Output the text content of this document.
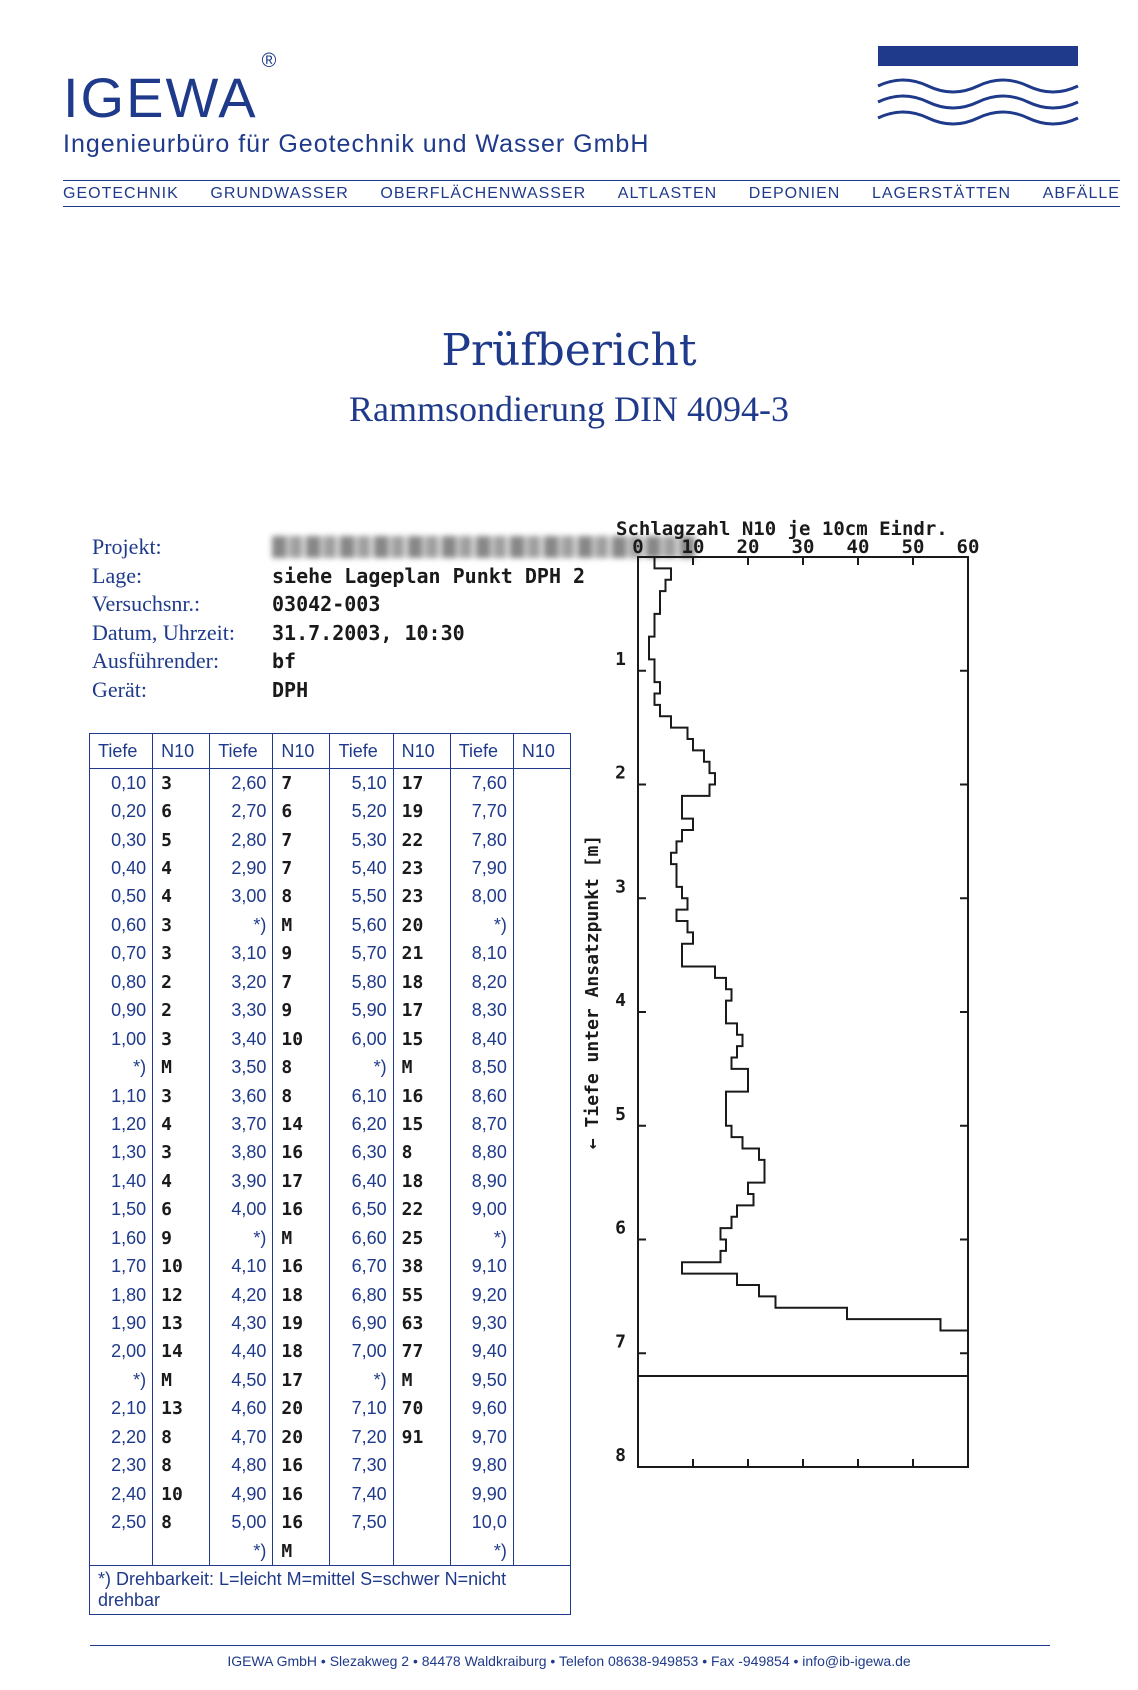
IGEWA®
Ingenieurbüro für Geotechnik und Wasser GmbH
GEOTECHNIK GRUNDWASSER OBERFLÄCHENWASSER ALTLASTEN DEPONIEN LAGERSTÄTTEN ABFÄLLE
Prüfbericht
Rammsondierung DIN 4094-3
Projekt:
Lage:	siehe Lageplan Punkt DPH 2
Versuchsnr.:	03042-003
Datum, Uhrzeit:	31.7.2003, 10:30
Ausführender:	bf
Gerät:	DPH
Tiefe	N10	Tiefe	N10	Tiefe	N10	Tiefe	N10
0,10	3	2,60	7	5,10	17	7,60	
0,20	6	2,70	6	5,20	19	7,70	
0,30	5	2,80	7	5,30	22	7,80	
0,40	4	2,90	7	5,40	23	7,90	
0,50	4	3,00	8	5,50	23	8,00	
0,60	3	*)	M	5,60	20	*)	
0,70	3	3,10	9	5,70	21	8,10	
0,80	2	3,20	7	5,80	18	8,20	
0,90	2	3,30	9	5,90	17	8,30	
1,00	3	3,40	10	6,00	15	8,40	
*)	M	3,50	8	*)	M	8,50	
1,10	3	3,60	8	6,10	16	8,60	
1,20	4	3,70	14	6,20	15	8,70	
1,30	3	3,80	16	6,30	8	8,80	
1,40	4	3,90	17	6,40	18	8,90	
1,50	6	4,00	16	6,50	22	9,00	
1,60	9	*)	M	6,60	25	*)	
1,70	10	4,10	16	6,70	38	9,10	
1,80	12	4,20	18	6,80	55	9,20	
1,90	13	4,30	19	6,90	63	9,30	
2,00	14	4,40	18	7,00	77	9,40	
*)	M	4,50	17	*)	M	9,50	
2,10	13	4,60	20	7,10	70	9,60	
2,20	8	4,70	20	7,20	91	9,70	
2,30	8	4,80	16	7,30		9,80	
2,40	10	4,90	16	7,40		9,90	
2,50	8	5,00	16	7,50		10,0	
		*)	M			*)	
*) Drehbarkeit: L=leicht M=mittel S=schwer N=nicht drehbar
Schlagzahl N10 je 10cm Eindr.
0 10 20 30 40 50 60
1
2
3
4
5
6
7
8
← Tiefe unter Ansatzpunkt [m]
IGEWA GmbH • Slezakweg 2 • 84478 Waldkraiburg • Telefon 08638-949853 • Fax -949854 • info@ib-igewa.de
